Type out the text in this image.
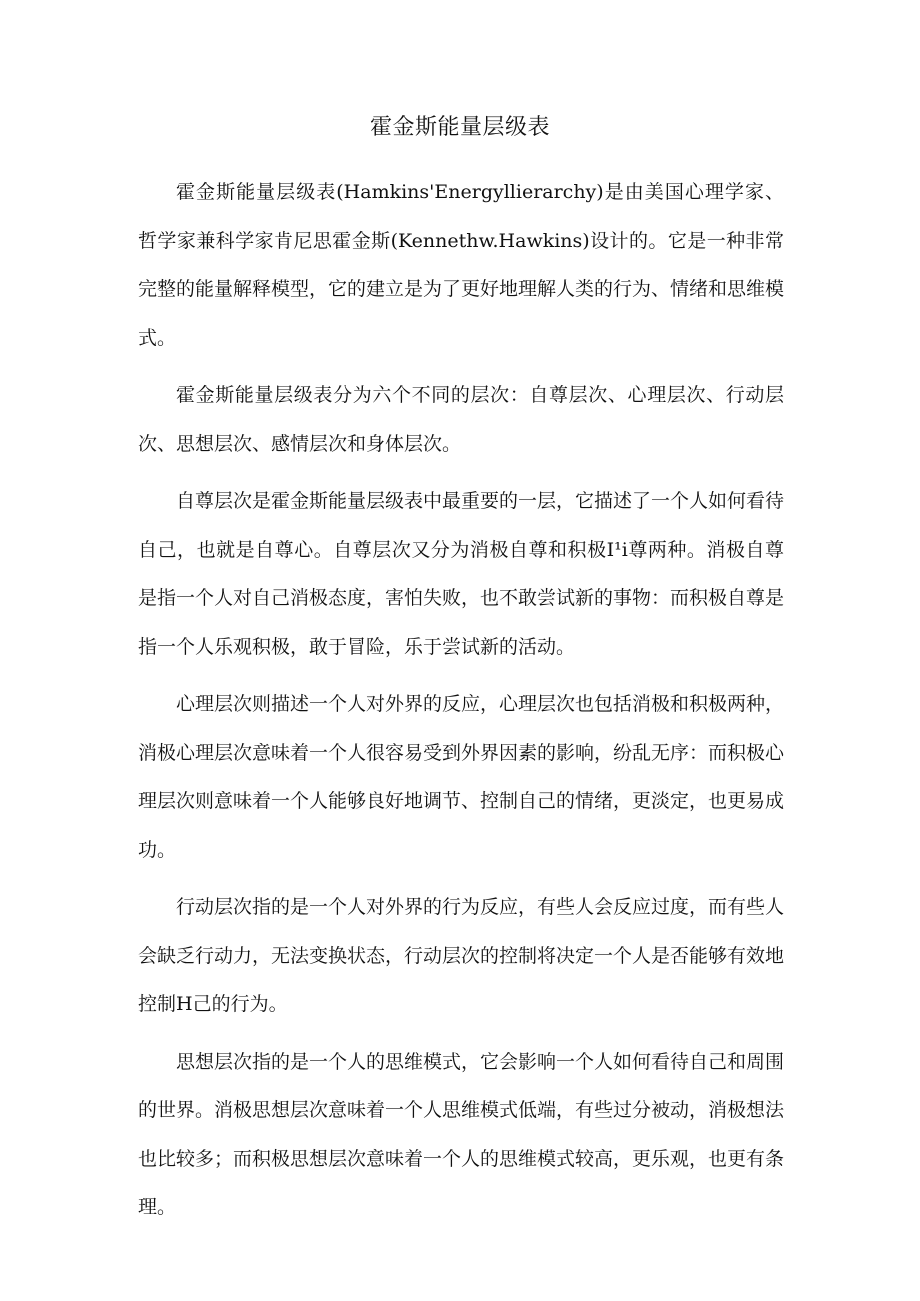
霍金斯能量层级表

霍金斯能量层级表(Hamkins'Energyllierarchy)是由美国心理学家、哲学家兼科学家肯尼思霍金斯(Kennethw.Hawkins)设计的。它是一种非常完整的能量解释模型，它的建立是为了更好地理解人类的行为、情绪和思维模式。

霍金斯能量层级表分为六个不同的层次：自尊层次、心理层次、行动层次、思想层次、感情层次和身体层次。

自尊层次是霍金斯能量层级表中最重要的一层，它描述了一个人如何看待自己，也就是自尊心。自尊层次又分为消极自尊和积极I¹i尊两种。消极自尊是指一个人对自己消极态度，害怕失败，也不敢尝试新的事物：而积极自尊是指一个人乐观积极，敢于冒险，乐于尝试新的活动。

心理层次则描述一个人对外界的反应，心理层次也包括消极和积极两种，消极心理层次意味着一个人很容易受到外界因素的影响，纷乱无序：而积极心理层次则意味着一个人能够良好地调节、控制自己的情绪，更淡定，也更易成功。

行动层次指的是一个人对外界的行为反应，有些人会反应过度，而有些人会缺乏行动力，无法变换状态，行动层次的控制将决定一个人是否能够有效地控制H己的行为。

思想层次指的是一个人的思维模式，它会影响一个人如何看待自己和周围的世界。消极思想层次意味着一个人思维模式低端，有些过分被动，消极想法也比较多；而积极思想层次意味着一个人的思维模式较高，更乐观，也更有条理。
